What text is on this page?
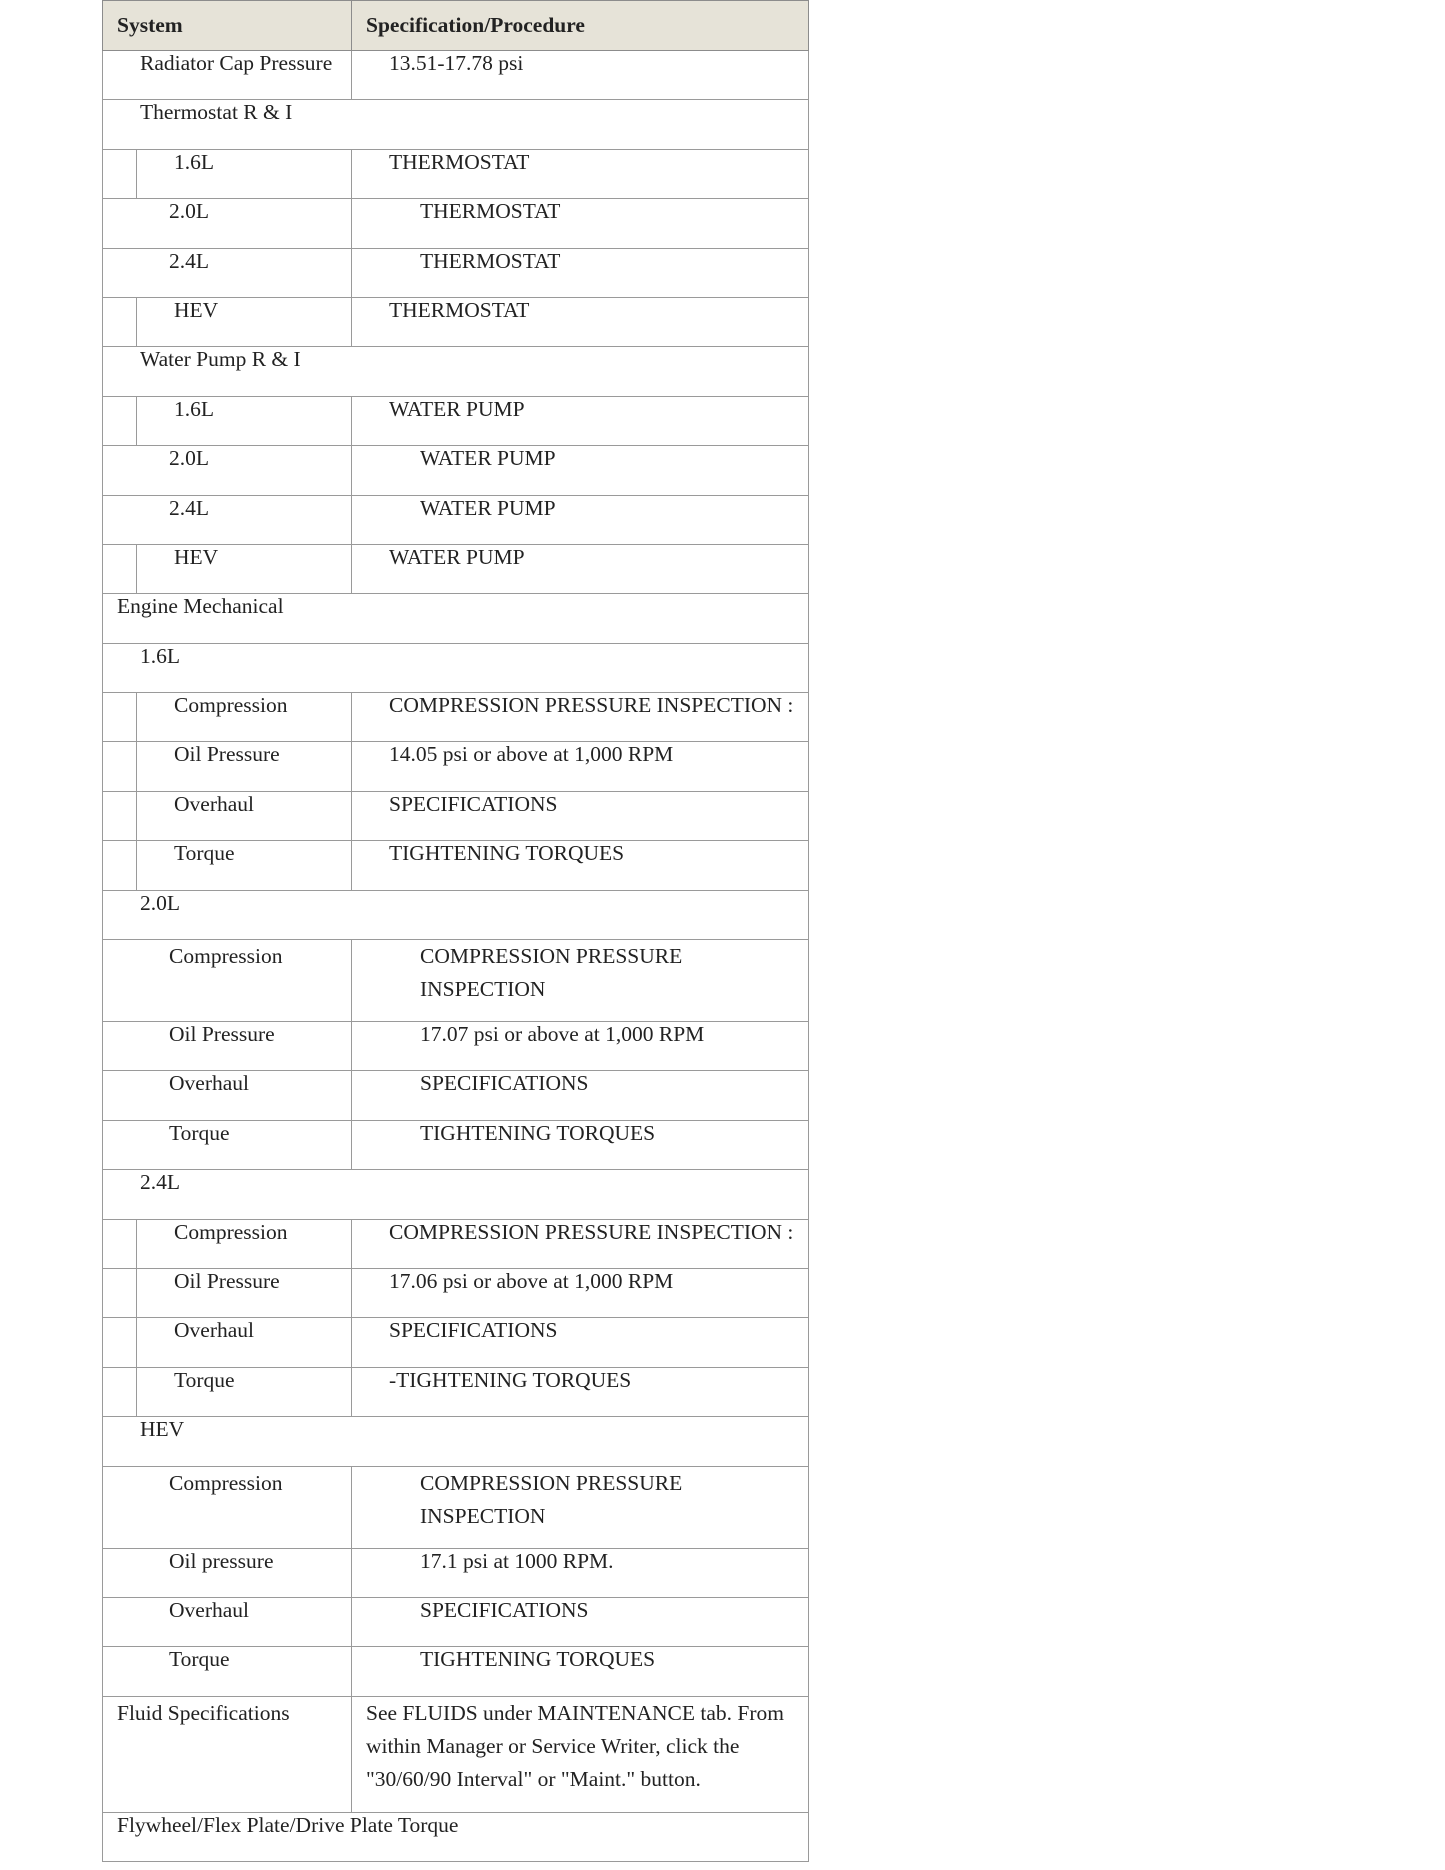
System	Specification/Procedure
Radiator Cap Pressure	13.51-17.78 psi
Thermostat R & I	

1.6L	THERMOSTAT
2.0L	THERMOSTAT
2.4L	THERMOSTAT

HEV	THERMOSTAT
Water Pump R & I	

1.6L	WATER PUMP
2.0L	WATER PUMP
2.4L	WATER PUMP

HEV	WATER PUMP
Engine Mechanical	
1.6L	

Compression	COMPRESSION PRESSURE INSPECTION :

Oil Pressure	14.05 psi or above at 1,000 RPM

Overhaul	SPECIFICATIONS

Torque	TIGHTENING TORQUES
2.0L	
Compression	COMPRESSION PRESSURE INSPECTION
Oil Pressure	17.07 psi or above at 1,000 RPM
Overhaul	SPECIFICATIONS
Torque	TIGHTENING TORQUES
2.4L	

Compression	COMPRESSION PRESSURE INSPECTION :

Oil Pressure	17.06 psi or above at 1,000 RPM

Overhaul	SPECIFICATIONS

Torque	-TIGHTENING TORQUES
HEV	
Compression	COMPRESSION PRESSURE INSPECTION
Oil pressure	17.1 psi at 1000 RPM.
Overhaul	SPECIFICATIONS
Torque	TIGHTENING TORQUES
Fluid Specifications	See FLUIDS under MAINTENANCE tab. From within Manager or Service Writer, click the "30/60/90 Interval" or "Maint." button.
Flywheel/Flex Plate/Drive Plate Torque	
